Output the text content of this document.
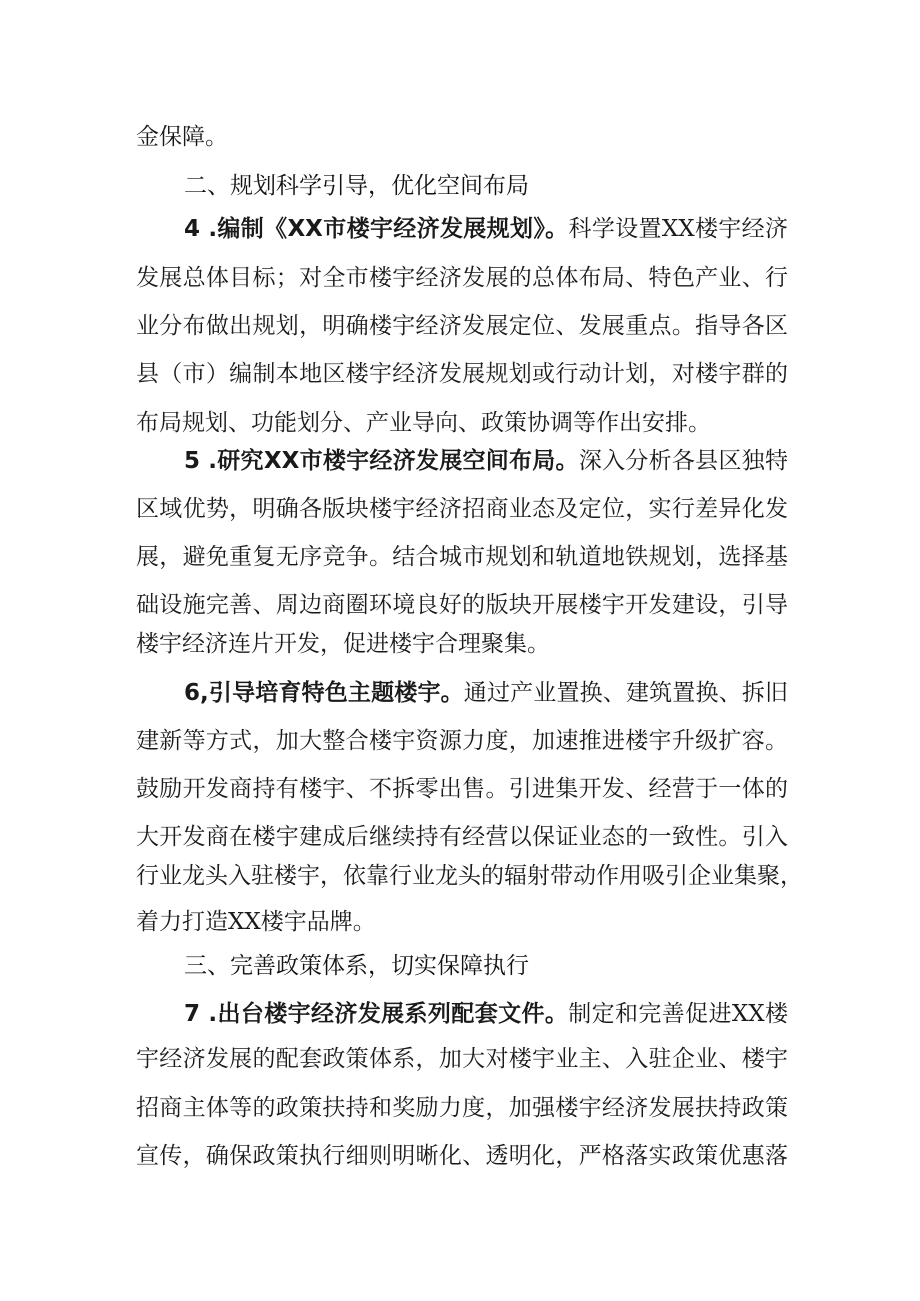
金保障。
二、规划科学引导，优化空间布局
4 .编制《XX市楼宇经济发展规划》。科学设置XX楼宇经济
发展总体目标；对全市楼宇经济发展的总体布局、特色产业、行
业分布做出规划，明确楼宇经济发展定位、发展重点。指导各区
县（市）编制本地区楼宇经济发展规划或行动计划，对楼宇群的
布局规划、功能划分、产业导向、政策协调等作出安排。
5 .研究XX市楼宇经济发展空间布局。深入分析各县区独特
区域优势，明确各版块楼宇经济招商业态及定位，实行差异化发
展，避免重复无序竞争。结合城市规划和轨道地铁规划，选择基
础设施完善、周边商圈环境良好的版块开展楼宇开发建设，引导
楼宇经济连片开发，促进楼宇合理聚集。
6,引导培育特色主题楼宇。通过产业置换、建筑置换、拆旧
建新等方式，加大整合楼宇资源力度，加速推进楼宇升级扩容。
鼓励开发商持有楼宇、不拆零出售。引进集开发、经营于一体的
大开发商在楼宇建成后继续持有经营以保证业态的一致性。引入
行业龙头入驻楼宇，依靠行业龙头的辐射带动作用吸引企业集聚，
着力打造XX楼宇品牌。
三、完善政策体系，切实保障执行
7 .出台楼宇经济发展系列配套文件。制定和完善促进XX楼
宇经济发展的配套政策体系，加大对楼宇业主、入驻企业、楼宇
招商主体等的政策扶持和奖励力度，加强楼宇经济发展扶持政策
宣传，确保政策执行细则明晰化、透明化，严格落实政策优惠落
